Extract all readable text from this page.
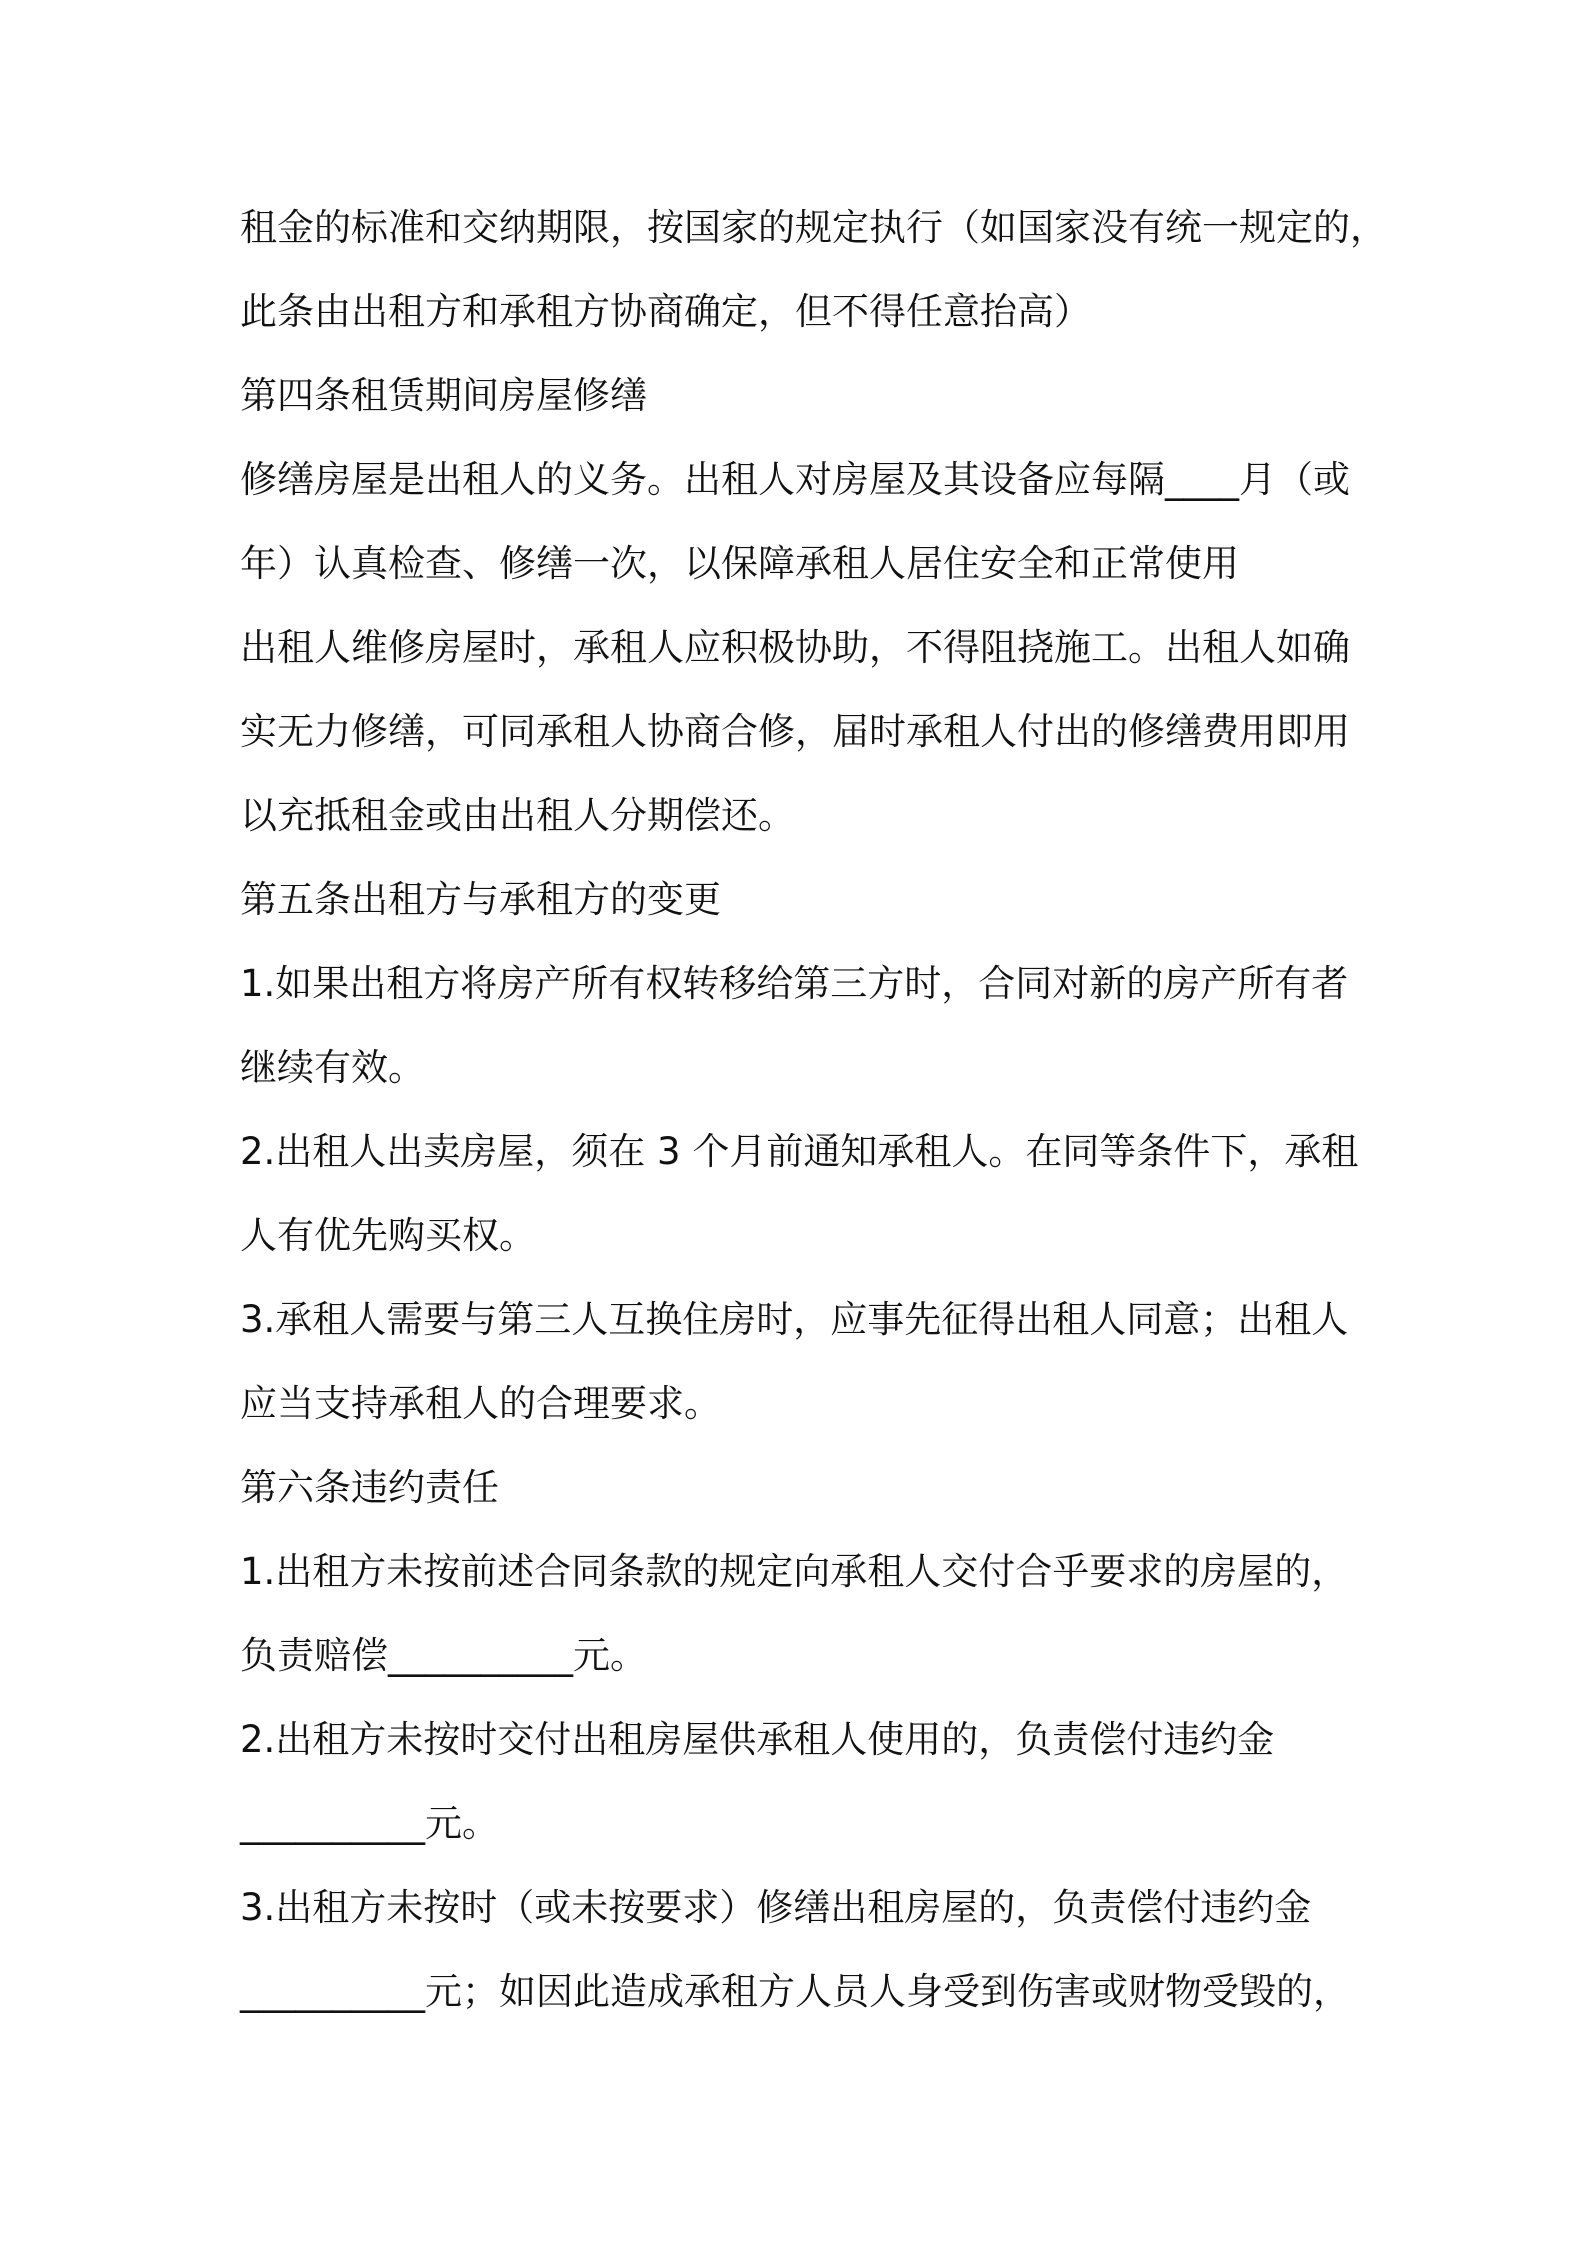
租金的标准和交纳期限，按国家的规定执行（如国家没有统一规定的，
此条由出租方和承租方协商确定，但不得任意抬高）
第四条租赁期间房屋修缮
修缮房屋是出租人的义务。出租人对房屋及其设备应每隔____月（或
年）认真检查、修缮一次，以保障承租人居住安全和正常使用
出租人维修房屋时，承租人应积极协助，不得阻挠施工。出租人如确
实无力修缮，可同承租人协商合修，届时承租人付出的修缮费用即用
以充抵租金或由出租人分期偿还。
第五条出租方与承租方的变更
1.如果出租方将房产所有权转移给第三方时，合同对新的房产所有者
继续有效。
2.出租人出卖房屋，须在 3 个月前通知承租人。在同等条件下，承租
人有优先购买权。
3.承租人需要与第三人互换住房时，应事先征得出租人同意；出租人
应当支持承租人的合理要求。
第六条违约责任
1.出租方未按前述合同条款的规定向承租人交付合乎要求的房屋的，
负责赔偿__________元。
2.出租方未按时交付出租房屋供承租人使用的，负责偿付违约金
__________元。
3.出租方未按时（或未按要求）修缮出租房屋的，负责偿付违约金
__________元；如因此造成承租方人员人身受到伤害或财物受毁的，
